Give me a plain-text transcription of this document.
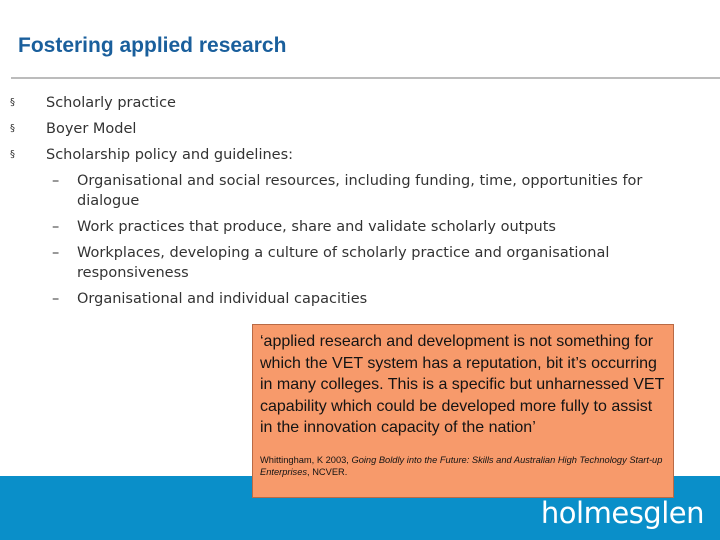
Fostering applied research
§	Scholarly practice
§	Boyer Model
§	Scholarship policy and guidelines:
–	Organisational and social resources, including funding, time, opportunities for dialogue
–	Work practices that produce, share and validate scholarly outputs
–	Workplaces, developing a culture of scholarly practice and organisational responsiveness
–	Organisational and individual capacities

‘applied research and development is not something for which the VET system has a reputation, bit it’s occurring in many colleges. This is a specific but unharnessed VET capability which could be developed more fully to assist in the innovation capacity of the nation’

Whittingham, K 2003, Going Boldly into the Future: Skills and Australian High Technology Start-up Enterprises, NCVER.

holmesglen
